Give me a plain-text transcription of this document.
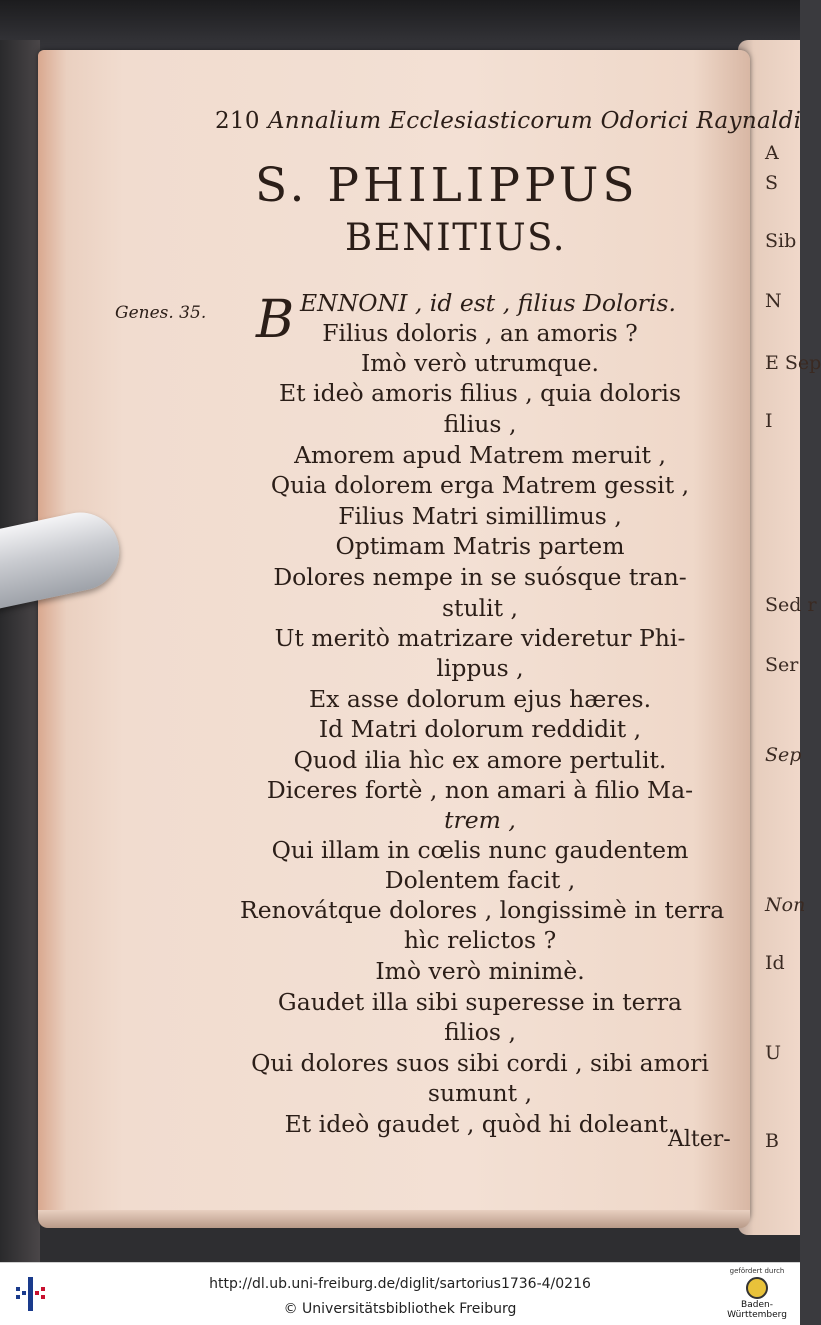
A
S
Sib
N
E Sep
I
Sed r
Ser
Sep
Non
Id
U
B
210 Annalium Ecclesiasticorum Odorici Raynaldi
S. PHILIPPUS
BENITIUS.
Genes. 35. B ENNONI , id est , filius Doloris.
Filius doloris , an amoris ?
Imò verò utrumque.
Et ideò amoris filius , quia doloris
filius ,
Amorem apud Matrem meruit ,
Quia dolorem erga Matrem gessit ,
Filius Matri simillimus ,
Optimam Matris partem
Dolores nempe in se suósque tran-
stulit ,
Ut meritò matrizare videretur Phi-
lippus ,
Ex asse dolorum ejus hæres.
Id Matri dolorum reddidit ,
Quod ilia hìc ex amore pertulit.
Diceres fortè , non amari à filio Ma-
trem ,
Qui illam in cœlis nunc gaudentem
Dolentem facit ,
Renovátque dolores , longissimè in terra
hìc relictos ?
Imò verò minimè.
Gaudet illa sibi superesse in terra
filios ,
Qui dolores suos sibi cordi , sibi amori
sumunt ,
Et ideò gaudet , quòd hi doleant.
Alter-
http://dl.ub.uni-freiburg.de/diglit/sartorius1736-4/0216
© Universitätsbibliothek Freiburg
gefördert durch
Baden-Württemberg
